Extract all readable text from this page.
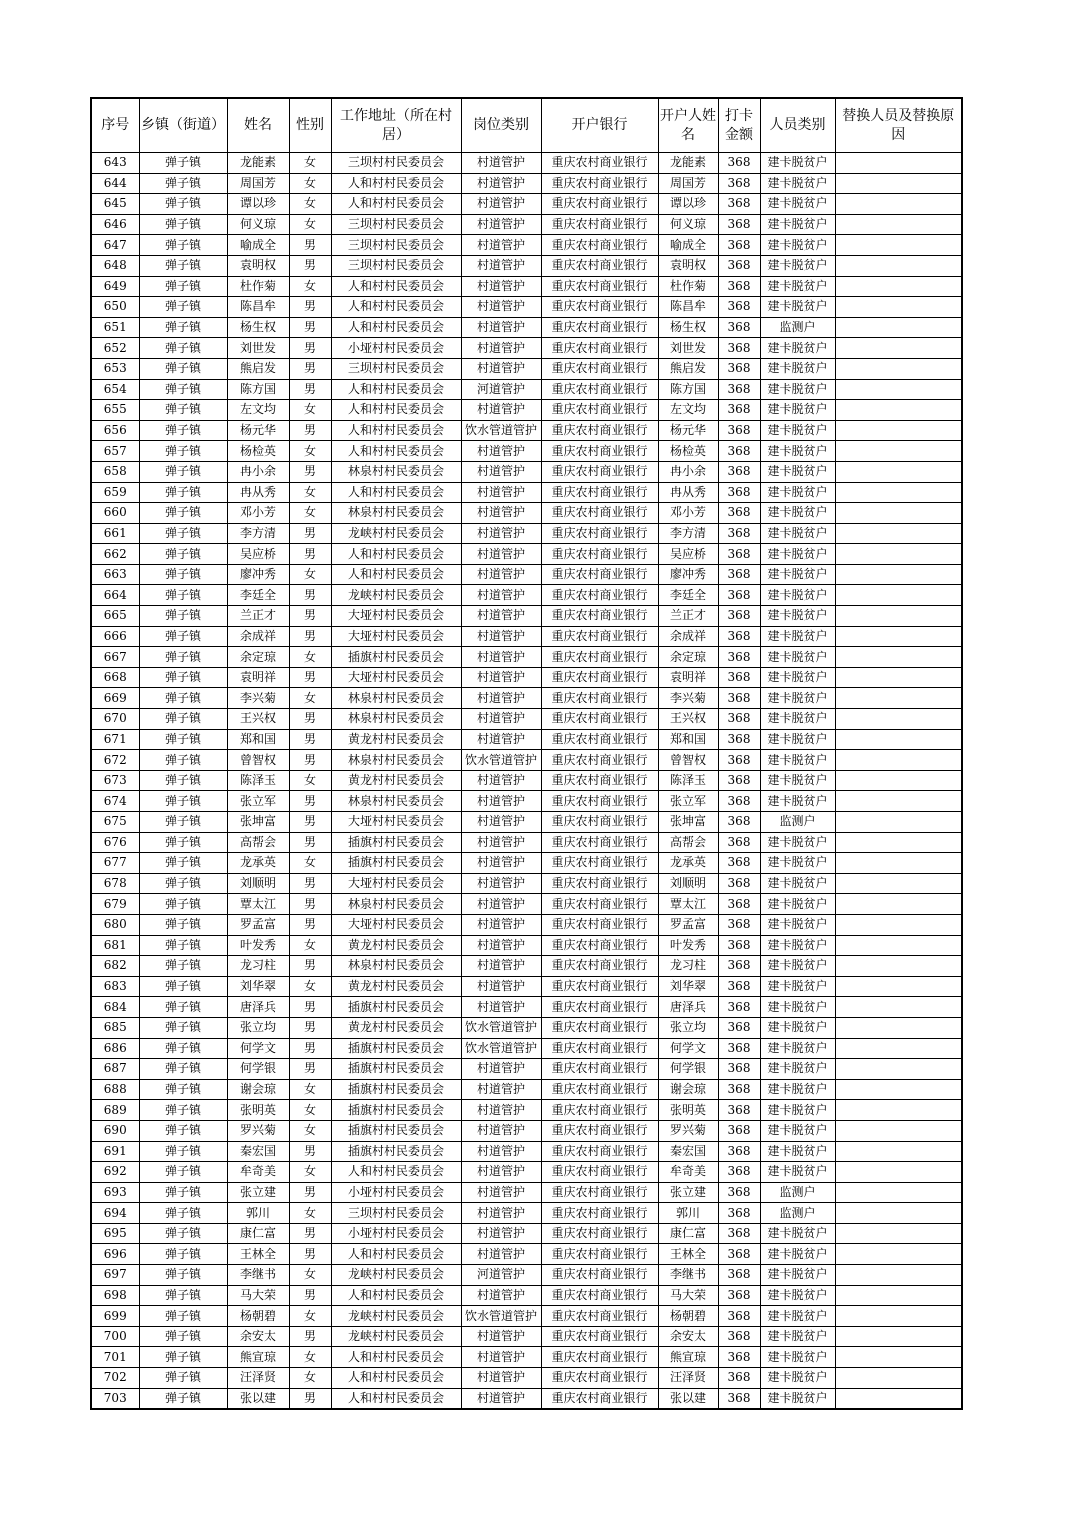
序号	乡镇（街道）	姓名	性别	工作地址（所在村居）	岗位类别	开户银行	开户人姓名	打卡金额	人员类别	替换人员及替换原因
643	弹子镇	龙能素	女	三坝村村民委员会	村道管护	重庆农村商业银行	龙能素	368	建卡脱贫户	
644	弹子镇	周国芳	女	人和村村民委员会	村道管护	重庆农村商业银行	周国芳	368	建卡脱贫户	
645	弹子镇	谭以珍	女	人和村村民委员会	村道管护	重庆农村商业银行	谭以珍	368	建卡脱贫户	
646	弹子镇	何义琼	女	三坝村村民委员会	村道管护	重庆农村商业银行	何义琼	368	建卡脱贫户	
647	弹子镇	喻成全	男	三坝村村民委员会	村道管护	重庆农村商业银行	喻成全	368	建卡脱贫户	
648	弹子镇	袁明权	男	三坝村村民委员会	村道管护	重庆农村商业银行	袁明权	368	建卡脱贫户	
649	弹子镇	杜作菊	女	人和村村民委员会	村道管护	重庆农村商业银行	杜作菊	368	建卡脱贫户	
650	弹子镇	陈昌牟	男	人和村村民委员会	村道管护	重庆农村商业银行	陈昌牟	368	建卡脱贫户	
651	弹子镇	杨生权	男	人和村村民委员会	村道管护	重庆农村商业银行	杨生权	368	监测户	
652	弹子镇	刘世发	男	小垭村村民委员会	村道管护	重庆农村商业银行	刘世发	368	建卡脱贫户	
653	弹子镇	熊启发	男	三坝村村民委员会	村道管护	重庆农村商业银行	熊启发	368	建卡脱贫户	
654	弹子镇	陈方国	男	人和村村民委员会	河道管护	重庆农村商业银行	陈方国	368	建卡脱贫户	
655	弹子镇	左文均	女	人和村村民委员会	村道管护	重庆农村商业银行	左文均	368	建卡脱贫户	
656	弹子镇	杨元华	男	人和村村民委员会	饮水管道管护	重庆农村商业银行	杨元华	368	建卡脱贫户	
657	弹子镇	杨检英	女	人和村村民委员会	村道管护	重庆农村商业银行	杨检英	368	建卡脱贫户	
658	弹子镇	冉小余	男	林泉村村民委员会	村道管护	重庆农村商业银行	冉小余	368	建卡脱贫户	
659	弹子镇	冉从秀	女	人和村村民委员会	村道管护	重庆农村商业银行	冉从秀	368	建卡脱贫户	
660	弹子镇	邓小芳	女	林泉村村民委员会	村道管护	重庆农村商业银行	邓小芳	368	建卡脱贫户	
661	弹子镇	李方清	男	龙峡村村民委员会	村道管护	重庆农村商业银行	李方清	368	建卡脱贫户	
662	弹子镇	吴应桥	男	人和村村民委员会	村道管护	重庆农村商业银行	吴应桥	368	建卡脱贫户	
663	弹子镇	廖冲秀	女	人和村村民委员会	村道管护	重庆农村商业银行	廖冲秀	368	建卡脱贫户	
664	弹子镇	李廷全	男	龙峡村村民委员会	村道管护	重庆农村商业银行	李廷全	368	建卡脱贫户	
665	弹子镇	兰正才	男	大垭村村民委员会	村道管护	重庆农村商业银行	兰正才	368	建卡脱贫户	
666	弹子镇	余成祥	男	大垭村村民委员会	村道管护	重庆农村商业银行	余成祥	368	建卡脱贫户	
667	弹子镇	余定琼	女	插旗村村民委员会	村道管护	重庆农村商业银行	余定琼	368	建卡脱贫户	
668	弹子镇	袁明祥	男	大垭村村民委员会	村道管护	重庆农村商业银行	袁明祥	368	建卡脱贫户	
669	弹子镇	李兴菊	女	林泉村村民委员会	村道管护	重庆农村商业银行	李兴菊	368	建卡脱贫户	
670	弹子镇	王兴权	男	林泉村村民委员会	村道管护	重庆农村商业银行	王兴权	368	建卡脱贫户	
671	弹子镇	郑和国	男	黄龙村村民委员会	村道管护	重庆农村商业银行	郑和国	368	建卡脱贫户	
672	弹子镇	曾智权	男	林泉村村民委员会	饮水管道管护	重庆农村商业银行	曾智权	368	建卡脱贫户	
673	弹子镇	陈泽玉	女	黄龙村村民委员会	村道管护	重庆农村商业银行	陈泽玉	368	建卡脱贫户	
674	弹子镇	张立军	男	林泉村村民委员会	村道管护	重庆农村商业银行	张立军	368	建卡脱贫户	
675	弹子镇	张坤富	男	大垭村村民委员会	村道管护	重庆农村商业银行	张坤富	368	监测户	
676	弹子镇	高帮会	男	插旗村村民委员会	村道管护	重庆农村商业银行	高帮会	368	建卡脱贫户	
677	弹子镇	龙承英	女	插旗村村民委员会	村道管护	重庆农村商业银行	龙承英	368	建卡脱贫户	
678	弹子镇	刘顺明	男	大垭村村民委员会	村道管护	重庆农村商业银行	刘顺明	368	建卡脱贫户	
679	弹子镇	覃太江	男	林泉村村民委员会	村道管护	重庆农村商业银行	覃太江	368	建卡脱贫户	
680	弹子镇	罗孟富	男	大垭村村民委员会	村道管护	重庆农村商业银行	罗孟富	368	建卡脱贫户	
681	弹子镇	叶发秀	女	黄龙村村民委员会	村道管护	重庆农村商业银行	叶发秀	368	建卡脱贫户	
682	弹子镇	龙习柱	男	林泉村村民委员会	村道管护	重庆农村商业银行	龙习柱	368	建卡脱贫户	
683	弹子镇	刘华翠	女	黄龙村村民委员会	村道管护	重庆农村商业银行	刘华翠	368	建卡脱贫户	
684	弹子镇	唐泽兵	男	插旗村村民委员会	村道管护	重庆农村商业银行	唐泽兵	368	建卡脱贫户	
685	弹子镇	张立均	男	黄龙村村民委员会	饮水管道管护	重庆农村商业银行	张立均	368	建卡脱贫户	
686	弹子镇	何学文	男	插旗村村民委员会	饮水管道管护	重庆农村商业银行	何学文	368	建卡脱贫户	
687	弹子镇	何学银	男	插旗村村民委员会	村道管护	重庆农村商业银行	何学银	368	建卡脱贫户	
688	弹子镇	谢会琼	女	插旗村村民委员会	村道管护	重庆农村商业银行	谢会琼	368	建卡脱贫户	
689	弹子镇	张明英	女	插旗村村民委员会	村道管护	重庆农村商业银行	张明英	368	建卡脱贫户	
690	弹子镇	罗兴菊	女	插旗村村民委员会	村道管护	重庆农村商业银行	罗兴菊	368	建卡脱贫户	
691	弹子镇	秦宏国	男	插旗村村民委员会	村道管护	重庆农村商业银行	秦宏国	368	建卡脱贫户	
692	弹子镇	牟奇美	女	人和村村民委员会	村道管护	重庆农村商业银行	牟奇美	368	建卡脱贫户	
693	弹子镇	张立建	男	小垭村村民委员会	村道管护	重庆农村商业银行	张立建	368	监测户	
694	弹子镇	郭川	女	三坝村村民委员会	村道管护	重庆农村商业银行	郭川	368	监测户	
695	弹子镇	康仁富	男	小垭村村民委员会	村道管护	重庆农村商业银行	康仁富	368	建卡脱贫户	
696	弹子镇	王林全	男	人和村村民委员会	村道管护	重庆农村商业银行	王林全	368	建卡脱贫户	
697	弹子镇	李继书	女	龙峡村村民委员会	河道管护	重庆农村商业银行	李继书	368	建卡脱贫户	
698	弹子镇	马大荣	男	人和村村民委员会	村道管护	重庆农村商业银行	马大荣	368	建卡脱贫户	
699	弹子镇	杨朝碧	女	龙峡村村民委员会	饮水管道管护	重庆农村商业银行	杨朝碧	368	建卡脱贫户	
700	弹子镇	余安太	男	龙峡村村民委员会	村道管护	重庆农村商业银行	余安太	368	建卡脱贫户	
701	弹子镇	熊宣琼	女	人和村村民委员会	村道管护	重庆农村商业银行	熊宣琼	368	建卡脱贫户	
702	弹子镇	汪泽贤	女	人和村村民委员会	村道管护	重庆农村商业银行	汪泽贤	368	建卡脱贫户	
703	弹子镇	张以建	男	人和村村民委员会	村道管护	重庆农村商业银行	张以建	368	建卡脱贫户	
